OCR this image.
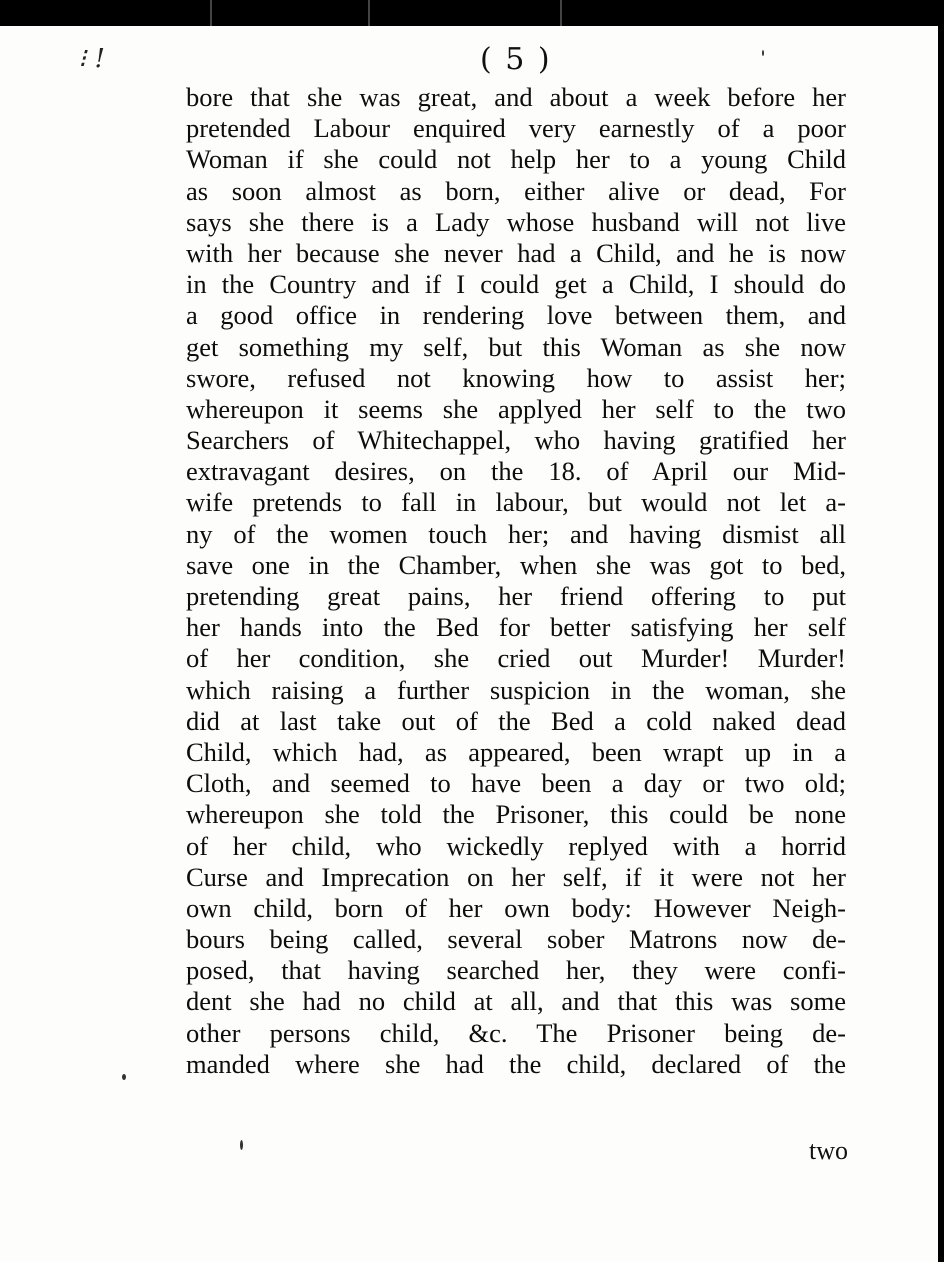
⁝ !	( 5 )
bore that she was great, and about a week before her
pretended Labour enquired very earnestly of a poor
Woman if she could not help her to a young Child
as soon almost as born, either alive or dead, For
says she there is a Lady whose husband will not live
with her because she never had a Child, and he is now
in the Country and if I could get a Child, I should do
a good office in rendering love between them, and
get something my self, but this Woman as she now
swore, refused not knowing how to assist her;
whereupon it seems she applyed her self to the two
Searchers of Whitechappel, who having gratified her
extravagant desires, on the 18. of April our Mid-
wife pretends to fall in labour, but would not let a-
ny of the women touch her; and having dismist all
save one in the Chamber, when she was got to bed,
pretending great pains, her friend offering to put
her hands into the Bed for better satisfying her self
of her condition, she cried out Murder! Murder!
which raising a further suspicion in the woman, she
did at last take out of the Bed a cold naked dead
Child, which had, as appeared, been wrapt up in a
Cloth, and seemed to have been a day or two old;
whereupon she told the Prisoner, this could be none
of her child, who wickedly replyed with a horrid
Curse and Imprecation on her self, if it were not her
own child, born of her own body: However Neigh-
bours being called, several sober Matrons now de-
posed, that having searched her, they were confi-
dent she had no child at all, and that this was some
other persons child, &c. The Prisoner being de-
manded where she had the child, declared of the
two
